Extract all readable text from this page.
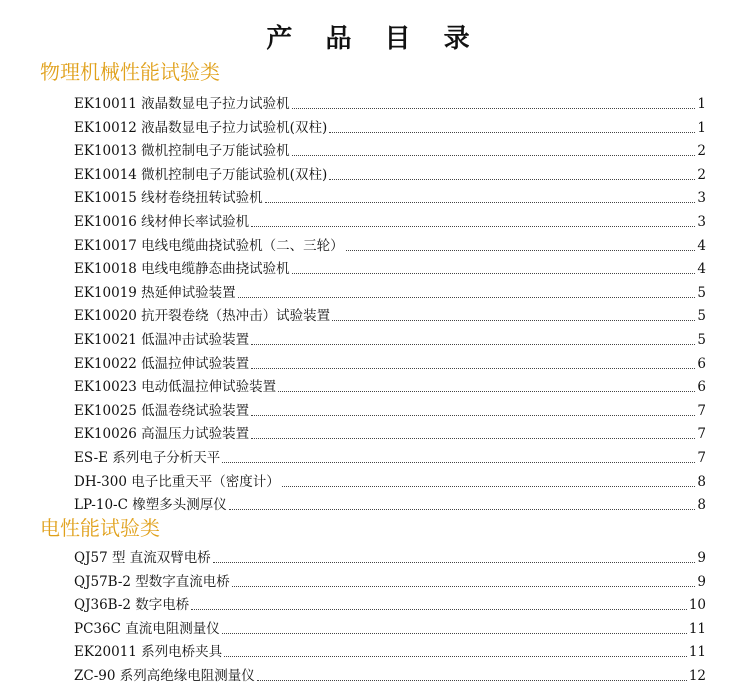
产 品 目 录
物理机械性能试验类
EK10011 液晶数显电子拉力试验机	1
EK10012 液晶数显电子拉力试验机(双柱)	1
EK10013 微机控制电子万能试验机	2
EK10014 微机控制电子万能试验机(双柱)	2
EK10015 线材卷绕扭转试验机	3
EK10016 线材伸长率试验机	3
EK10017 电线电缆曲挠试验机（二、三轮）	4
EK10018 电线电缆静态曲挠试验机	4
EK10019 热延伸试验装置	5
EK10020 抗开裂卷绕（热冲击）试验装置	5
EK10021 低温冲击试验装置	5
EK10022 低温拉伸试验装置	6
EK10023 电动低温拉伸试验装置	6
EK10025 低温卷绕试验装置	7
EK10026 高温压力试验装置	7
ES-E 系列电子分析天平	7
DH-300 电子比重天平（密度计）	8
LP-10-C 橡塑多头测厚仪	8
电性能试验类
QJ57 型 直流双臂电桥	9
QJ57B-2 型数字直流电桥	9
QJ36B-2 数字电桥	10
PC36C 直流电阻测量仪	11
EK20011 系列电桥夹具	11
ZC-90 系列高绝缘电阻测量仪	12
